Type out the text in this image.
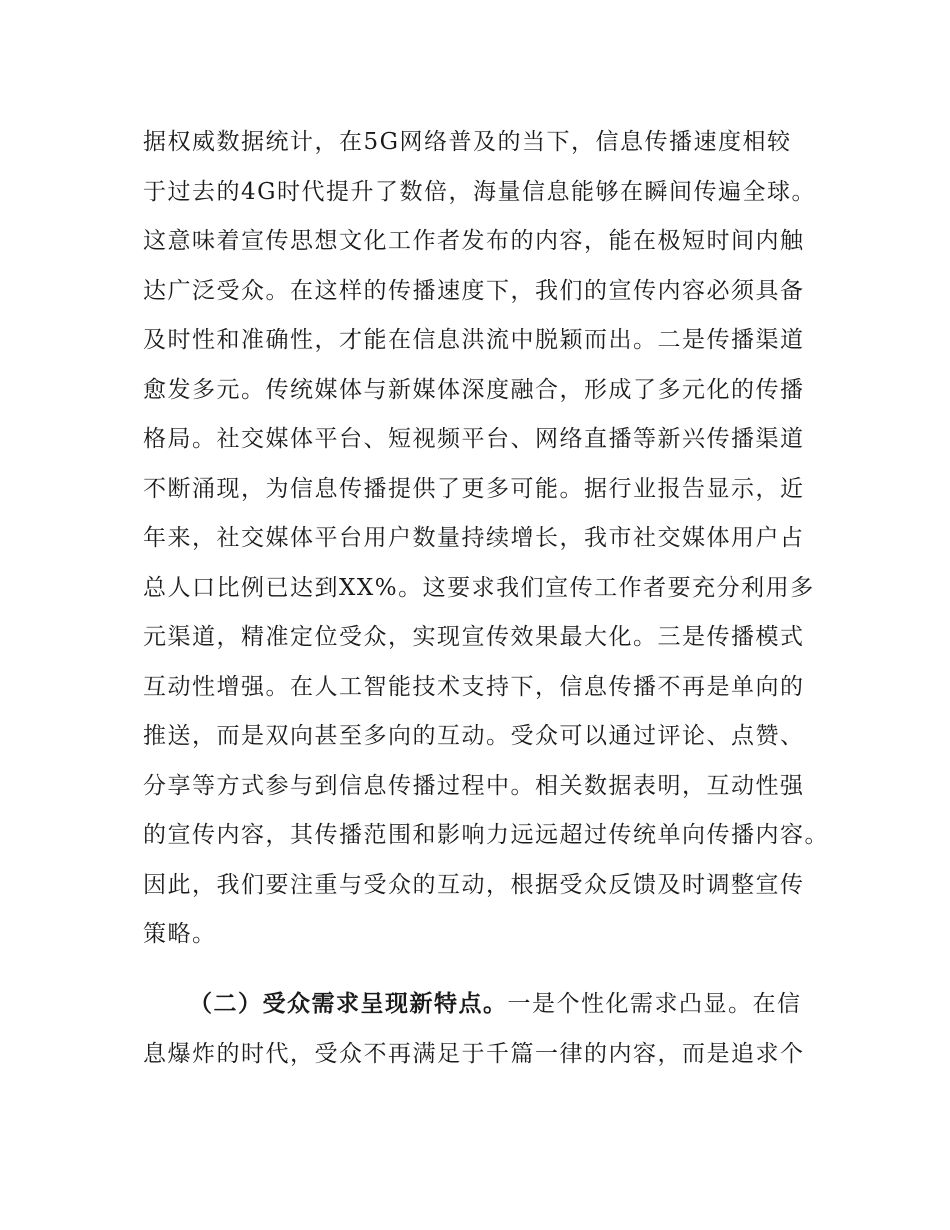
据权威数据统计，在5G网络普及的当下，信息传播速度相较
于过去的4G时代提升了数倍，海量信息能够在瞬间传遍全球。
这意味着宣传思想文化工作者发布的内容，能在极短时间内触
达广泛受众。在这样的传播速度下，我们的宣传内容必须具备
及时性和准确性，才能在信息洪流中脱颖而出。二是传播渠道
愈发多元。传统媒体与新媒体深度融合，形成了多元化的传播
格局。社交媒体平台、短视频平台、网络直播等新兴传播渠道
不断涌现，为信息传播提供了更多可能。据行业报告显示，近
年来，社交媒体平台用户数量持续增长，我市社交媒体用户占
总人口比例已达到XX%。这要求我们宣传工作者要充分利用多
元渠道，精准定位受众，实现宣传效果最大化。三是传播模式
互动性增强。在人工智能技术支持下，信息传播不再是单向的
推送，而是双向甚至多向的互动。受众可以通过评论、点赞、
分享等方式参与到信息传播过程中。相关数据表明，互动性强
的宣传内容，其传播范围和影响力远远超过传统单向传播内容。
因此，我们要注重与受众的互动，根据受众反馈及时调整宣传
策略。
（二）受众需求呈现新特点。一是个性化需求凸显。在信
息爆炸的时代，受众不再满足于千篇一律的内容，而是追求个
